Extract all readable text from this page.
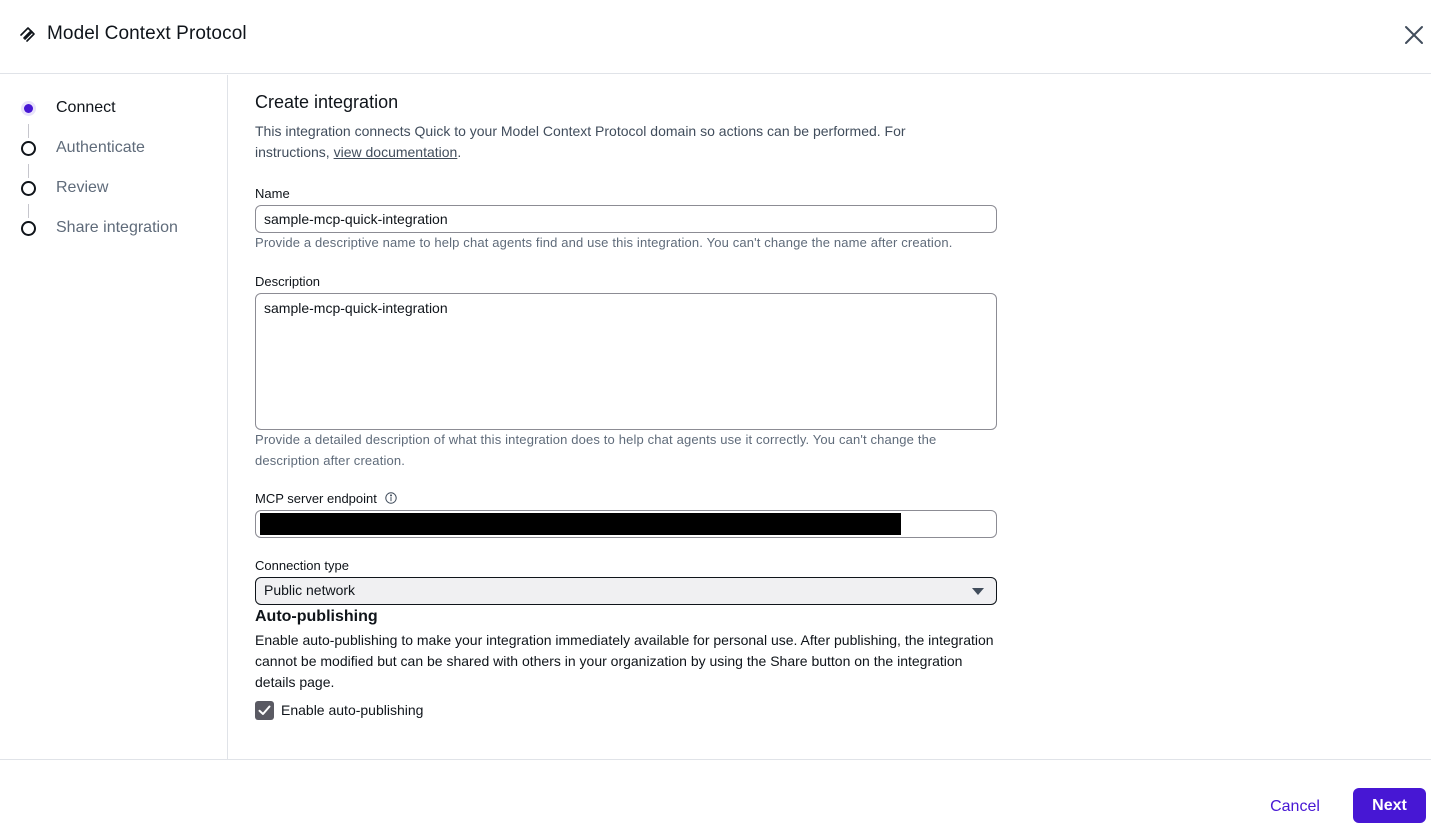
Model Context Protocol
Connect
Authenticate
Review
Share integration
Create integration
This integration connects Quick to your Model Context Protocol domain so actions can be performed. For instructions, view documentation.
Name
sample-mcp-quick-integration
Provide a descriptive name to help chat agents find and use this integration. You can't change the name after creation.
Description
sample-mcp-quick-integration
Provide a detailed description of what this integration does to help chat agents use it correctly. You can't change the description after creation.
MCP server endpoint
Connection type
Public network
Auto-publishing
Enable auto-publishing to make your integration immediately available for personal use. After publishing, the integration cannot be modified but can be shared with others in your organization by using the Share button on the integration details page.
Enable auto-publishing
Cancel	Next
